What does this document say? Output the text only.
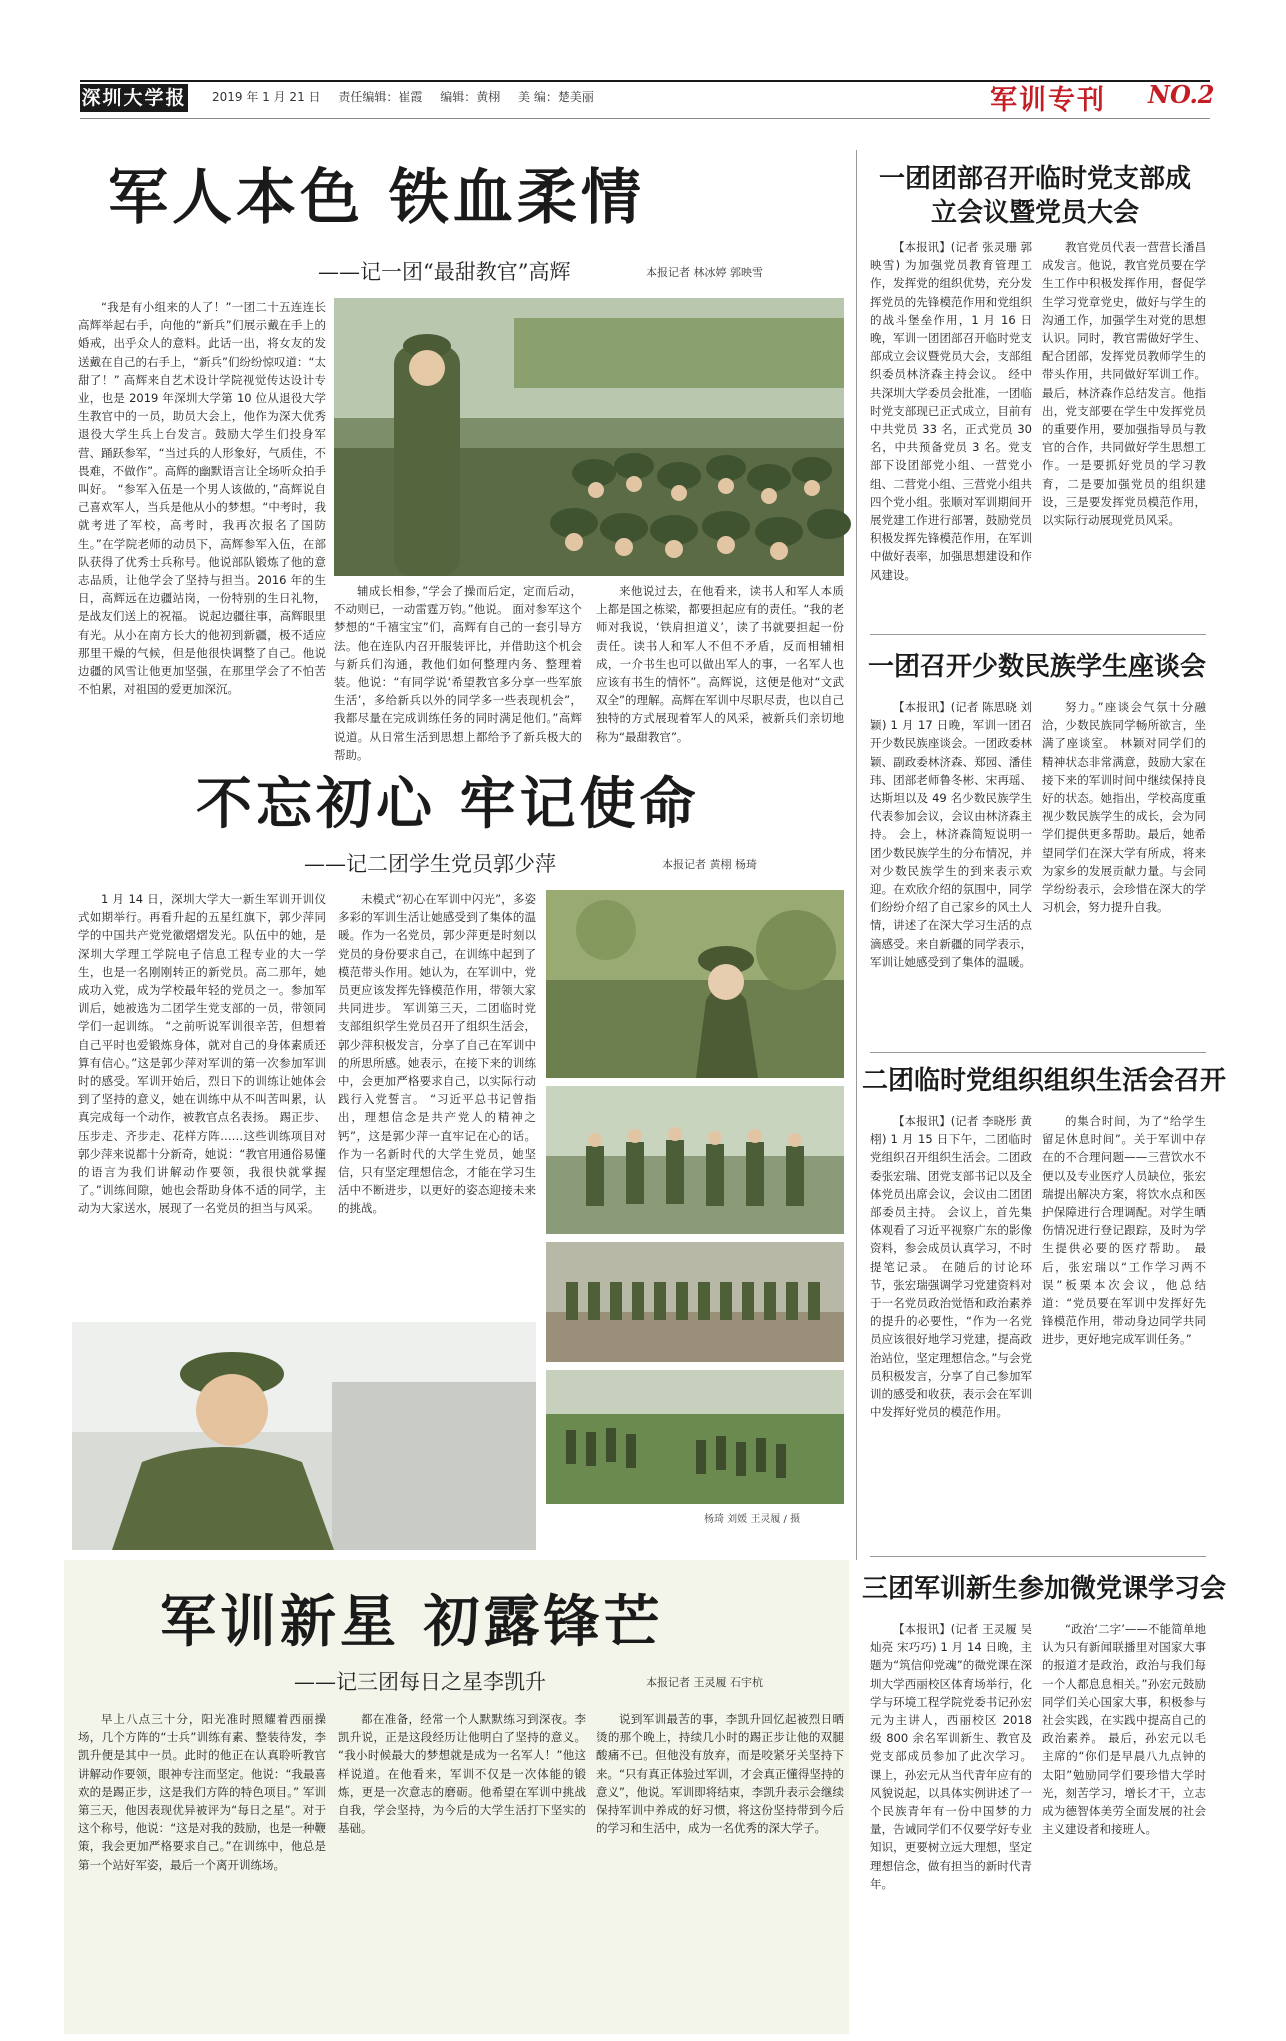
深圳大学报 2019 年 1 月 21 日 责任编辑：崔霞 编辑：黄栩 美 编：楚美丽	军训专刊 NO.2
军人本色 铁血柔情
——记一团“最甜教官”高辉	本报记者 林冰婷 郭映雪

“我是有小组来的人了！”一团二十五连连长高辉举起右手，向他的“新兵”们展示戴在手上的婚戒，出乎众人的意料。此话一出，将女友的发送戴在自己的右手上，“新兵”们纷纷惊叹道：“太甜了！” 高辉来自艺术设计学院视觉传达设计专业，也是 2019 年深圳大学第 10 位从退役大学生教官中的一员，助员大会上，他作为深大优秀退役大学生兵上台发言。鼓励大学生们投身军营、踊跃参军，“当过兵的人形象好，气质佳，不畏难，不做作”。高辉的幽默语言让全场听众拍手叫好。 “参军入伍是一个男人该做的，”高辉说自己喜欢军人，当兵是他从小的梦想。“中考时，我就考进了军校，高考时，我再次报名了国防生。”在学院老师的动员下，高辉参军入伍，在部队获得了优秀士兵称号。他说部队锻炼了他的意志品质，让他学会了坚持与担当。2016 年的生日，高辉远在边疆站岗，一份特别的生日礼物，是战友们送上的祝福。 说起边疆往事，高辉眼里有光。从小在南方长大的他初到新疆，极不适应那里干燥的气候，但是他很快调整了自己。他说边疆的风雪让他更加坚强，在那里学会了不怕苦不怕累，对祖国的爱更加深沉。

辅成长相参，”学会了操而后定，定而后动，不动则已，一动雷霆万钧。”他说。 面对参军这个梦想的“千禧宝宝”们，高辉有自己的一套引导方法。他在连队内召开服装评比，并借助这个机会与新兵们沟通，教他们如何整理内务、整理着装。他说：“有同学说‘希望教官多分享一些军旅生活’，多给新兵以外的同学多一些表现机会”，我都尽量在完成训练任务的同时满足他们。”高辉说道。从日常生活到思想上都给予了新兵极大的帮助。

来他说过去，在他看来，读书人和军人本质上都是国之栋梁，都要担起应有的责任。“我的老师对我说，‘铁肩担道义’，读了书就要担起一份责任。读书人和军人不但不矛盾，反而相辅相成，一介书生也可以做出军人的事，一名军人也应该有书生的情怀”。高辉说，这便是他对“文武双全”的理解。高辉在军训中尽职尽责，也以自己独特的方式展现着军人的风采，被新兵们亲切地称为“最甜教官”。

不忘初心 牢记使命
——记二团学生党员郭少萍	本报记者 黄栩 杨琦

1 月 14 日，深圳大学大一新生军训开训仪式如期举行。再看升起的五星红旗下，郭少萍同学的中国共产党党徽熠熠发光。队伍中的她，是深圳大学理工学院电子信息工程专业的大一学生，也是一名刚刚转正的新党员。高二那年，她成功入党，成为学校最年轻的党员之一。参加军训后，她被选为二团学生党支部的一员，带领同学们一起训练。 “之前听说军训很辛苦，但想着自己平时也爱锻炼身体，就对自己的身体素质还算有信心。”这是郭少萍对军训的第一次参加军训时的感受。军训开始后，烈日下的训练让她体会到了坚持的意义，她在训练中从不叫苦叫累，认真完成每一个动作，被教官点名表扬。 踢正步、压步走、齐步走、花样方阵……这些训练项目对郭少萍来说都十分新奇，她说：“教官用通俗易懂的语言为我们讲解动作要领，我很快就掌握了。”训练间隙，她也会帮助身体不适的同学，主动为大家送水，展现了一名党员的担当与风采。

未模式“初心在军训中闪光”，多姿多彩的军训生活让她感受到了集体的温暖。作为一名党员，郭少萍更是时刻以党员的身份要求自己，在训练中起到了模范带头作用。她认为，在军训中，党员更应该发挥先锋模范作用，带领大家共同进步。 军训第三天，二团临时党支部组织学生党员召开了组织生活会，郭少萍积极发言，分享了自己在军训中的所思所感。她表示，在接下来的训练中，会更加严格要求自己，以实际行动践行入党誓言。 “习近平总书记曾指出，理想信念是共产党人的精神之钙”，这是郭少萍一直牢记在心的话。作为一名新时代的大学生党员，她坚信，只有坚定理想信念，才能在学习生活中不断进步，以更好的姿态迎接未来的挑战。

杨琦 刘媛 王灵履 / 摄
军训新星 初露锋芒
——记三团每日之星李凯升	本报记者 王灵履 石宇杭

早上八点三十分，阳光准时照耀着西丽操场，几个方阵的“士兵”训练有素、整装待发，李凯升便是其中一员。此时的他正在认真聆听教官讲解动作要领，眼神专注而坚定。他说：“我最喜欢的是踢正步，这是我们方阵的特色项目。” 军训第三天，他因表现优异被评为“每日之星”。对于这个称号，他说：“这是对我的鼓励，也是一种鞭策，我会更加严格要求自己。”在训练中，他总是第一个站好军姿，最后一个离开训练场。

都在准备，经常一个人默默练习到深夜。李凯升说，正是这段经历让他明白了坚持的意义。 “我小时候最大的梦想就是成为一名军人！”他这样说道。在他看来，军训不仅是一次体能的锻炼，更是一次意志的磨砺。他希望在军训中挑战自我，学会坚持，为今后的大学生活打下坚实的基础。

说到军训最苦的事，李凯升回忆起被烈日晒烫的那个晚上，持续几小时的踢正步让他的双腿酸痛不已。但他没有放弃，而是咬紧牙关坚持下来。“只有真正体验过军训，才会真正懂得坚持的意义”，他说。军训即将结束，李凯升表示会继续保持军训中养成的好习惯，将这份坚持带到今后的学习和生活中，成为一名优秀的深大学子。

一团团部召开临时党支部成立会议暨党员大会

【本报讯】(记者 张灵珊 郭映雪) 为加强党员教育管理工作，发挥党的组织优势，充分发挥党员的先锋模范作用和党组织的战斗堡垒作用，1 月 16 日晚，军训一团团部召开临时党支部成立会议暨党员大会，支部组织委员林济森主持会议。 经中共深圳大学委员会批准，一团临时党支部现已正式成立，目前有中共党员 33 名，正式党员 30 名，中共预备党员 3 名。党支部下设团部党小组、一营党小组、二营党小组、三营党小组共四个党小组。张顺对军训期间开展党建工作进行部署，鼓励党员积极发挥先锋模范作用，在军训中做好表率，加强思想建设和作风建设。

教官党员代表一营营长潘昌成发言。他说，教官党员要在学生工作中积极发挥作用，督促学生学习党章党史，做好与学生的沟通工作，加强学生对党的思想认识。同时，教官需做好学生、配合团部，发挥党员教师学生的带头作用，共同做好军训工作。 最后，林济森作总结发言。他指出，党支部要在学生中发挥党员的重要作用，要加强指导员与教官的合作，共同做好学生思想工作。一是要抓好党员的学习教育，二是要加强党员的组织建设，三是要发挥党员模范作用，以实际行动展现党员风采。

一团召开少数民族学生座谈会

【本报讯】(记者 陈思晓 刘颖) 1 月 17 日晚，军训一团召开少数民族座谈会。一团政委林颖、副政委林济森、郑园、潘佳玮、团部老师鲁冬彬、宋再瑶、达斯坦以及 49 名少数民族学生代表参加会议，会议由林济森主持。 会上，林济森简短说明一团少数民族学生的分布情况，并对少数民族学生的到来表示欢迎。在欢欣介绍的氛围中，同学们纷纷介绍了自己家乡的风土人情，讲述了在深大学习生活的点滴感受。来自新疆的同学表示，军训让她感受到了集体的温暖。

努力。”座谈会气氛十分融洽，少数民族同学畅所欲言，坐满了座谈室。 林颖对同学们的精神状态非常满意，鼓励大家在接下来的军训时间中继续保持良好的状态。她指出，学校高度重视少数民族学生的成长，会为同学们提供更多帮助。最后，她希望同学们在深大学有所成，将来为家乡的发展贡献力量。与会同学纷纷表示，会珍惜在深大的学习机会，努力提升自我。

二团临时党组织组织生活会召开

【本报讯】(记者 李晓彤 黄栩) 1 月 15 日下午，二团临时党组织召开组织生活会。二团政委张宏瑞、团党支部书记以及全体党员出席会议，会议由二团团部委员主持。 会议上，首先集体观看了习近平视察广东的影像资料，参会成员认真学习，不时提笔记录。 在随后的讨论环节，张宏瑞强调学习党建资料对于一名党员政治觉悟和政治素养的提升的必要性，“作为一名党员应该很好地学习党建，提高政治站位，坚定理想信念。”与会党员积极发言，分享了自己参加军训的感受和收获，表示会在军训中发挥好党员的模范作用。

的集合时间，为了“给学生留足休息时间”。关于军训中存在的不合理问题——三营饮水不便以及专业医疗人员缺位，张宏瑞提出解决方案，将饮水点和医护保障进行合理调配。对学生晒伤情况进行登记跟踪，及时为学生提供必要的医疗帮助。 最后，张宏瑞以“工作学习两不误”板栗本次会议，他总结道：“党员要在军训中发挥好先锋模范作用，带动身边同学共同进步，更好地完成军训任务。”

三团军训新生参加微党课学习会

【本报讯】(记者 王灵履 吴灿亮 宋巧巧) 1 月 14 日晚，主题为“筑信仰党魂”的微党课在深圳大学西丽校区体育场举行，化学与环境工程学院党委书记孙宏元为主讲人，西丽校区 2018 级 800 余名军训新生、教官及党支部成员参加了此次学习。 课上，孙宏元从当代青年应有的风貌说起，以具体实例讲述了一个民族青年有一份中国梦的力量，告诫同学们不仅要学好专业知识，更要树立远大理想，坚定理想信念，做有担当的新时代青年。

“政治‘二字’——不能简单地认为只有新闻联播里对国家大事的报道才是政治，政治与我们每一个人都息息相关。”孙宏元鼓励同学们关心国家大事，积极参与社会实践，在实践中提高自己的政治素养。 最后，孙宏元以毛主席的“你们是早晨八九点钟的太阳”勉励同学们要珍惜大学时光，刻苦学习，增长才干，立志成为德智体美劳全面发展的社会主义建设者和接班人。
